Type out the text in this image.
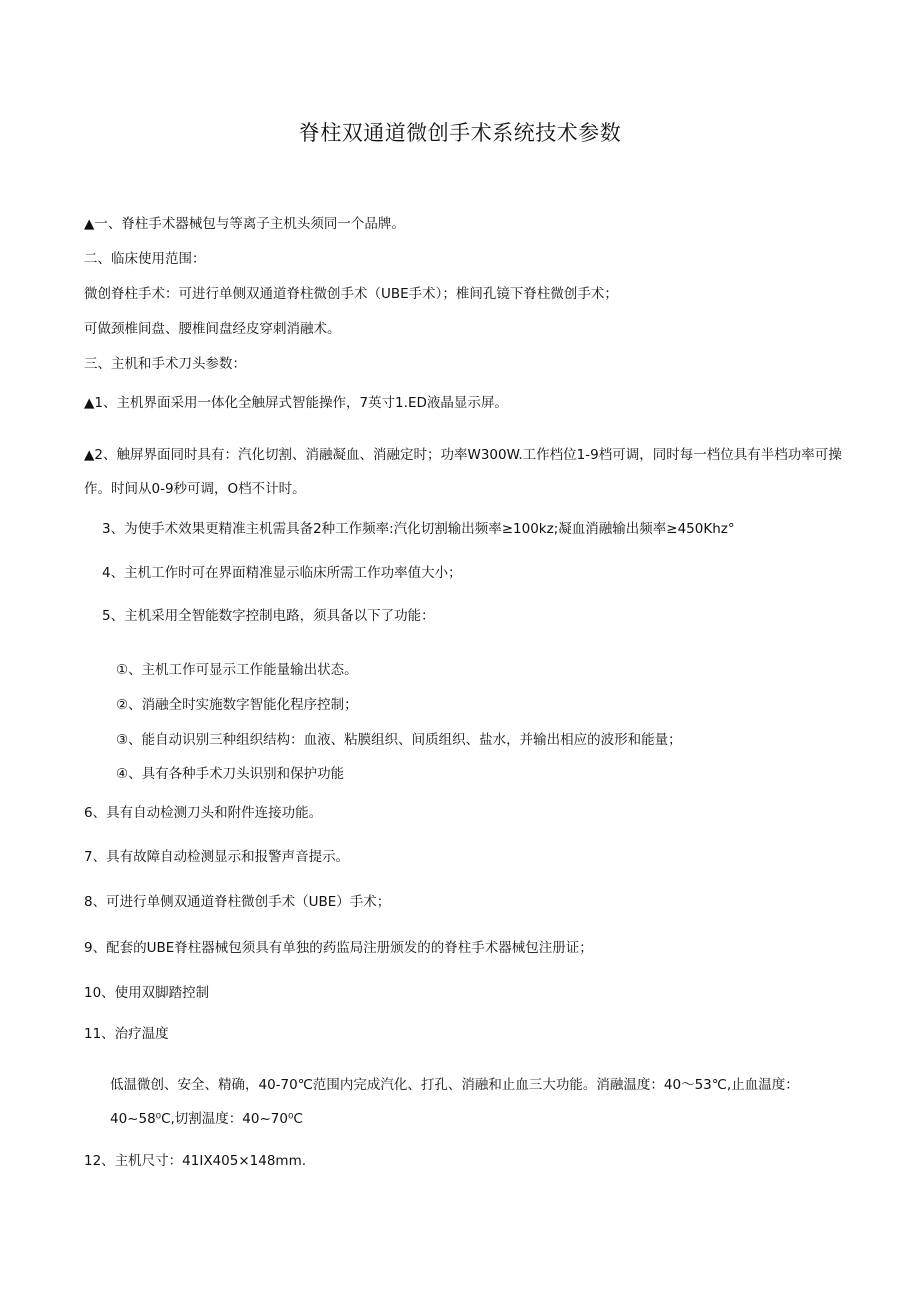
脊柱双通道微创手术系统技术参数

▲一、脊柱手术器械包与等离子主机头须同一个品牌。

二、临床使用范围：

微创脊柱手术：可进行单侧双通道脊柱微创手术（UBE手术）；椎间孔镜下脊柱微创手术；

可做颈椎间盘、腰椎间盘经皮穿刺消融术。

三、主机和手术刀头参数：

▲1、主机界面采用一体化全触屏式智能操作，7英寸1.ED液晶显示屏。

▲2、触屏界面同时具有：汽化切割、消融凝血、消融定时；功率W300W.工作档位1-9档可调，同时每一档位具有半档功率可操作。时间从0-9秒可调，O档不计时。

3、为使手术效果更精准主机需具备2种工作频率:汽化切割输出频率≥100kz;凝血消融输出频率≥450Khz°

4、主机工作时可在界面精准显示临床所需工作功率值大小；

5、主机采用全智能数字控制电路，须具备以下了功能：

①、主机工作可显示工作能量输出状态。

②、消融全时实施数字智能化程序控制；

③、能自动识别三种组织结构：血液、粘膜组织、间质组织、盐水，并输出相应的波形和能量；

④、具有各种手术刀头识别和保护功能

6、具有自动检测刀头和附件连接功能。

7、具有故障自动检测显示和报警声音提示。

8、可进行单侧双通道脊柱微创手术（UBE）手术；

9、配套的UBE脊柱器械包须具有单独的药监局注册颁发的的脊柱手术器械包注册证；

10、使用双脚踏控制

11、治疗温度

低温微创、安全、精确，40-70℃范围内完成汽化、打孔、消融和止血三大功能。消融温度：40～53℃,止血温度：40~58⁰C,切割温度：40~70⁰C

12、主机尺寸：41IX405×148mm.
